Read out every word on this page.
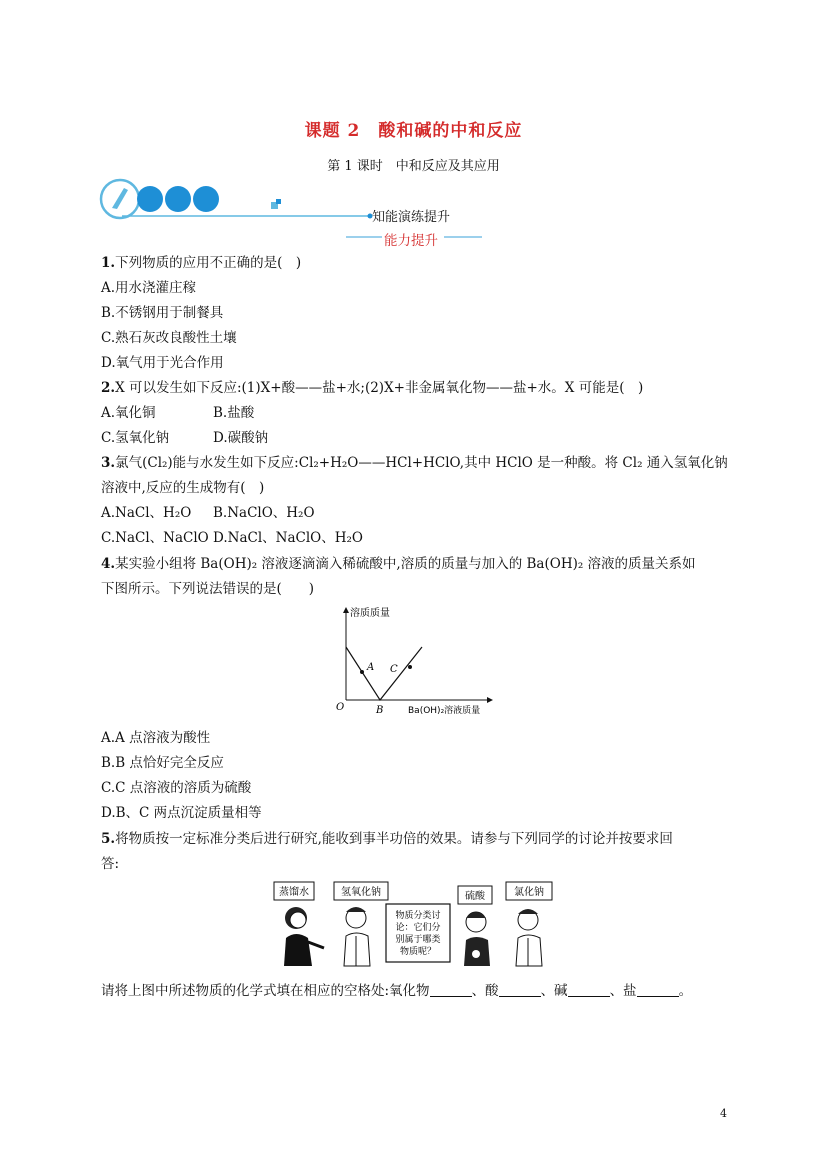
课题 2　酸和碱的中和反应
第 1 课时　中和反应及其应用
知能演练提升
能力提升
1.下列物质的应用不正确的是(　)
A.用水浇灌庄稼
B.不锈钢用于制餐具
C.熟石灰改良酸性土壤
D.氧气用于光合作用
2.X 可以发生如下反应:(1)X+酸——盐+水;(2)X+非金属氧化物——盐+水。X 可能是(　)
A.氧化铜	B.盐酸
C.氢氧化钠	D.碳酸钠
3.氯气(Cl₂)能与水发生如下反应:Cl₂+H₂O——HCl+HClO,其中 HClO 是一种酸。将 Cl₂ 通入氢氧化钠
溶液中,反应的生成物有(　)
A.NaCl、H₂O B.NaClO、H₂O
C.NaCl、NaClO D.NaCl、NaClO、H₂O
4.某实验小组将 Ba(OH)₂ 溶液逐滴滴入稀硫酸中,溶质的质量与加入的 Ba(OH)₂ 溶液的质量关系如
下图所示。下列说法错误的是(　　)
溶质质量
O
A
B
C
Ba(OH)₂溶液质量
A.A 点溶液为酸性
B.B 点恰好完全反应
C.C 点溶液的溶质为硫酸
D.B、C 两点沉淀质量相等
5.将物质按一定标准分类后进行研究,能收到事半功倍的效果。请参与下列同学的讨论并按要求回
答:
蒸馏水	氢氧化钠	硫酸	氯化钠
物质分类讨
论：它们分
别属于哪类
物质呢？
请将上图中所述物质的化学式填在相应的空格处:氧化物	、酸	、碱	、盐	。
4
